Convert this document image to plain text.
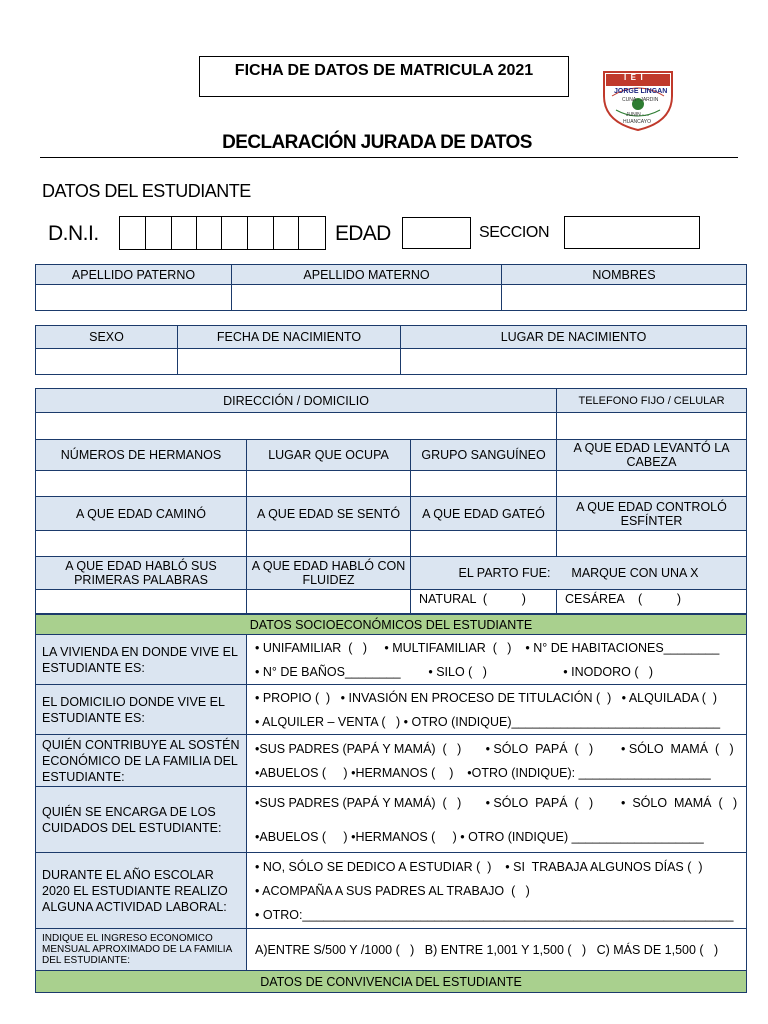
FICHA DE DATOS DE MATRICULA 2021	I  E  I
JORGE LINGAN
CUNA - JARDIN
JUNIN - ...
HUANCAYO
DECLARACIÓN JURADA DE DATOS
DATOS DEL ESTUDIANTE
D.N.I.	EDAD	SECCION
APELLIDO PATERNO	APELLIDO MATERNO	NOMBRES

SEXO	FECHA DE NACIMIENTO	LUGAR DE NACIMIENTO

DIRECCIÓN / DOMICILIO			TELEFONO FIJO / CELULAR

NÚMEROS DE HERMANOS	LUGAR QUE OCUPA	GRUPO SANGUÍNEO	A QUE EDAD LEVANTÓ LA CABEZA

A QUE EDAD CAMINÓ	A QUE EDAD SE SENTÓ	A QUE EDAD GATEÓ	A QUE EDAD CONTROLÓ ESFÍNTER

A QUE EDAD HABLÓ SUS PRIMERAS PALABRAS	A QUE EDAD HABLÓ CON FLUIDEZ	EL PARTO FUE: MARQUE CON UNA X	
		NATURAL  (          )	CESÁREA    (          )
DATOS SOCIOECONÓMICOS DEL ESTUDIANTE	
LA VIVIENDA EN DONDE VIVE EL ESTUDIANTE ES:	• UNIFAMILIAR  (   )     • MULTIFAMILIAR  (   )    • N° DE HABITACIONES________
• N° DE BAÑOS________        • SILO (   )                      • INODORO (   )

EL DOMICILIO DONDE VIVE EL ESTUDIANTE ES:	• PROPIO (  )   • INVASIÓN EN PROCESO DE TITULACIÓN (  )   • ALQUILADA (  )
• ALQUILER – VENTA (   ) • OTRO (INDIQUE)______________________________

QUIÉN CONTRIBUYE AL SOSTÉN ECONÓMICO DE LA FAMILIA DEL ESTUDIANTE:	•SUS PADRES (PAPÁ Y MAMÁ)  (   )       • SÓLO  PAPÁ  (   )        • SÓLO  MAMÁ  (   )
•ABUELOS (     ) •HERMANOS (    )    •OTRO (INDIQUE): ___________________

QUIÉN SE ENCARGA DE LOS CUIDADOS DEL ESTUDIANTE:	•SUS PADRES (PAPÁ Y MAMÁ)  (   )       • SÓLO  PAPÁ  (   )        •  SÓLO  MAMÁ  (   )
•ABUELOS (     ) •HERMANOS (     ) • OTRO (INDIQUE) ___________________

DURANTE EL AÑO ESCOLAR 2020 EL ESTUDIANTE REALIZO ALGUNA ACTIVIDAD LABORAL:	• NO, SÓLO SE DEDICO A ESTUDIAR (  )    • SI  TRABAJA ALGUNOS DÍAS (  )
• ACOMPAÑA A SUS PADRES AL TRABAJO  (   )
• OTRO:______________________________________________________________

INDIQUE EL INGRESO ECONOMICO MENSUAL APROXIMADO DE LA FAMILIA DEL ESTUDIANTE:	A)ENTRE S/500 Y /1000 (   )   B) ENTRE 1,001 Y 1,500 (   )   C) MÁS DE 1,500 (   )

DATOS DE CONVIVENCIA DEL ESTUDIANTE	
